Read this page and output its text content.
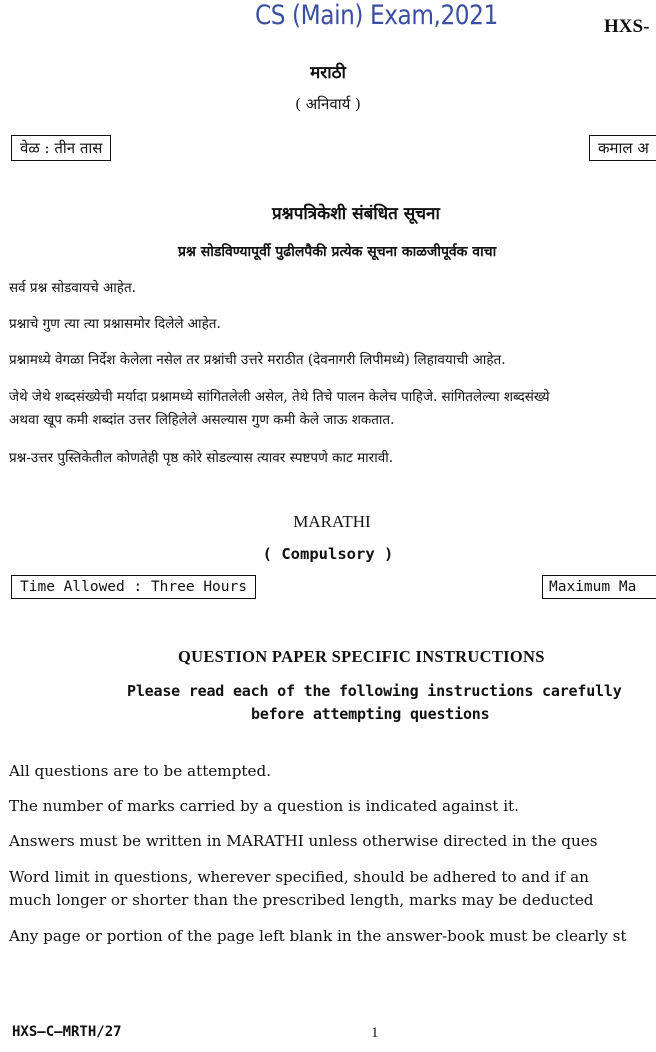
CS (Main) Exam,2021	HXS-
मराठी
( अनिवार्य )
वेळ : तीन तास	कमाल अ
प्रश्नपत्रिकेशी संबंधित सूचना
प्रश्न सोडविण्यापूर्वी पुढीलपैकी प्रत्येक सूचना काळजीपूर्वक वाचा
सर्व प्रश्न सोडवायचे आहेत.
प्रश्नाचे गुण त्या त्या प्रश्नासमोर दिलेले आहेत.
प्रश्नामध्ये वेगळा निर्देश केलेला नसेल तर प्रश्नांची उत्तरे मराठीत (देवनागरी लिपीमध्ये) लिहावयाची आहेत.
जेथे जेथे शब्दसंख्येची मर्यादा प्रश्नामध्ये सांगितलेली असेल, तेथे तिचे पालन केलेच पाहिजे. सांगितलेल्या शब्दसंख्ये
अथवा खूप कमी शब्दांत उत्तर लिहिलेले असल्यास गुण कमी केले जाऊ शकतात.
प्रश्न-उत्तर पुस्तिकेतील कोणतेही पृष्ठ कोरे सोडल्यास त्यावर स्पष्टपणे काट मारावी.
MARATHI
( Compulsory )
Time Allowed : Three Hours	Maximum Ma
QUESTION PAPER SPECIFIC INSTRUCTIONS
Please read each of the following instructions carefully
before attempting questions
All questions are to be attempted.
The number of marks carried by a question is indicated against it.
Answers must be written in MARATHI unless otherwise directed in the ques
Word limit in questions, wherever specified, should be adhered to and if an
much longer or shorter than the prescribed length, marks may be deducted
Any page or portion of the page left blank in the answer-book must be clearly st
HXS–C–MRTH/27	1
